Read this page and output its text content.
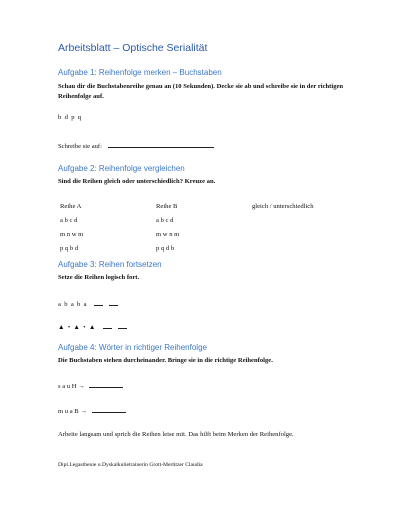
Arbeitsblatt – Optische Serialität
Aufgabe 1: Reihenfolge merken – Buchstaben
Schau dir die Buchstabenreihe genau an (10 Sekunden). Decke sie ab und schreibe sie in der richtigen Reihenfolge auf.
b  d  p  q
Schreibe sie auf:
Aufgabe 2: Reihenfolge vergleichen
Sind die Reihen gleich oder unterschiedlich? Kreuze an.
Reihe A	Reihe B	gleich / unterschiedlich
a b c d	a b c d
m n w m	m w n m
p q b d	p q d b
Aufgabe 3: Reihen fortsetzen
Setze die Reihen logisch fort.
a  b  a  b  a
▲  •  ▲  •  ▲
Aufgabe 4: Wörter in richtiger Reihenfolge
Die Buchstaben stehen durcheinander. Bringe sie in die richtige Reihenfolge.
s a u H →
m u a B →
Arbeite langsam und sprich die Reihen leise mit. Das hilft beim Merken der Reihenfolge.
Dipl.Legasthenie u.Dyskalkulietrainerin Grott-Mertitzer Claudia
